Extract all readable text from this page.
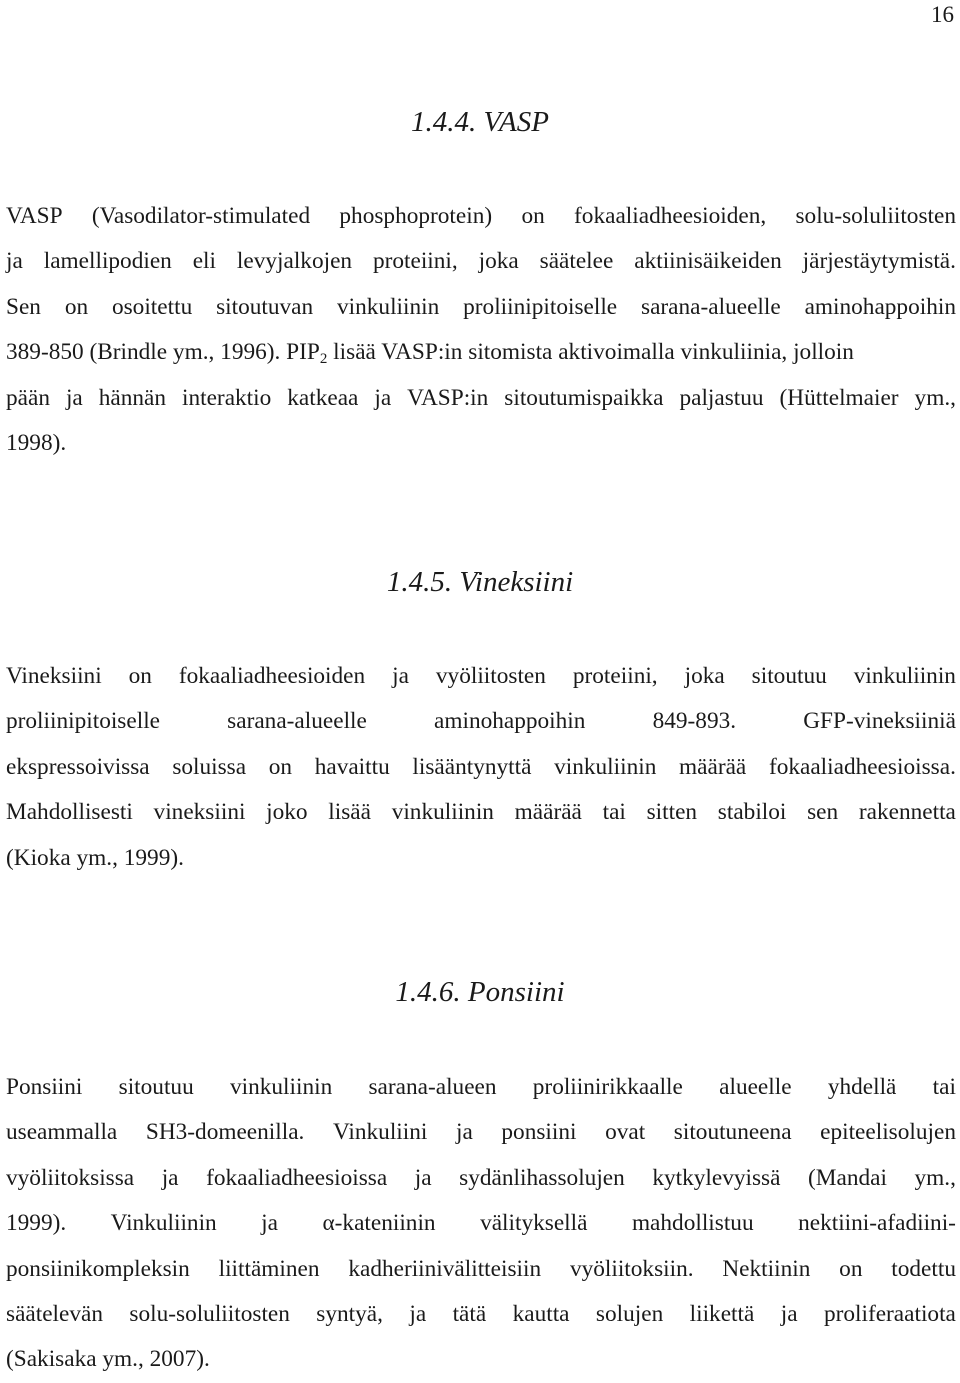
16
1.4.4. VASP
VASP (Vasodilator-stimulated phosphoprotein) on fokaaliadheesioiden, solu-soluliitosten
ja lamellipodien eli levyjalkojen proteiini, joka säätelee aktiinisäikeiden järjestäytymistä.
Sen on osoitettu sitoutuvan vinkuliinin proliinipitoiselle sarana-alueelle aminohappoihin
389-850 (Brindle ym., 1996). $PIP_2$ lisää VASP:in sitomista aktivoimalla vinkuliinia, jolloin
pään ja hännän interaktio katkeaa ja VASP:in sitoutumispaikka paljastuu (Hüttelmaier ym.,
1998).
1.4.5. Vineksiini
Vineksiini on fokaaliadheesioiden ja vyöliitosten proteiini, joka sitoutuu vinkuliinin
proliinipitoiselle	sarana-alueelle	aminohappoihin	849-893.	GFP-vineksiiniä
ekspressoivissa soluissa on havaittu lisääntynyttä vinkuliinin määrää fokaaliadheesioissa.
Mahdollisesti vineksiini joko lisää vinkuliinin määrää tai sitten stabiloi sen rakennetta
(Kioka ym., 1999).
1.4.6. Ponsiini
Ponsiini sitoutuu vinkuliinin sarana-alueen proliinirikkaalle alueelle yhdellä tai
useammalla SH3-domeenilla. Vinkuliini ja ponsiini ovat sitoutuneena epiteelisolujen
vyöliitoksissa ja fokaaliadheesioissa ja sydänlihassolujen kytkylevyissä (Mandai ym.,
1999). Vinkuliinin ja α-kateniinin välityksellä mahdollistuu nektiini-afadiini-
ponsiinikompleksin liittäminen kadheriinivälitteisiin vyöliitoksiin. Nektiinin on todettu
säätelevän solu-soluliitosten syntyä, ja tätä kautta solujen liikettä ja proliferaatiota
(Sakisaka ym., 2007).
